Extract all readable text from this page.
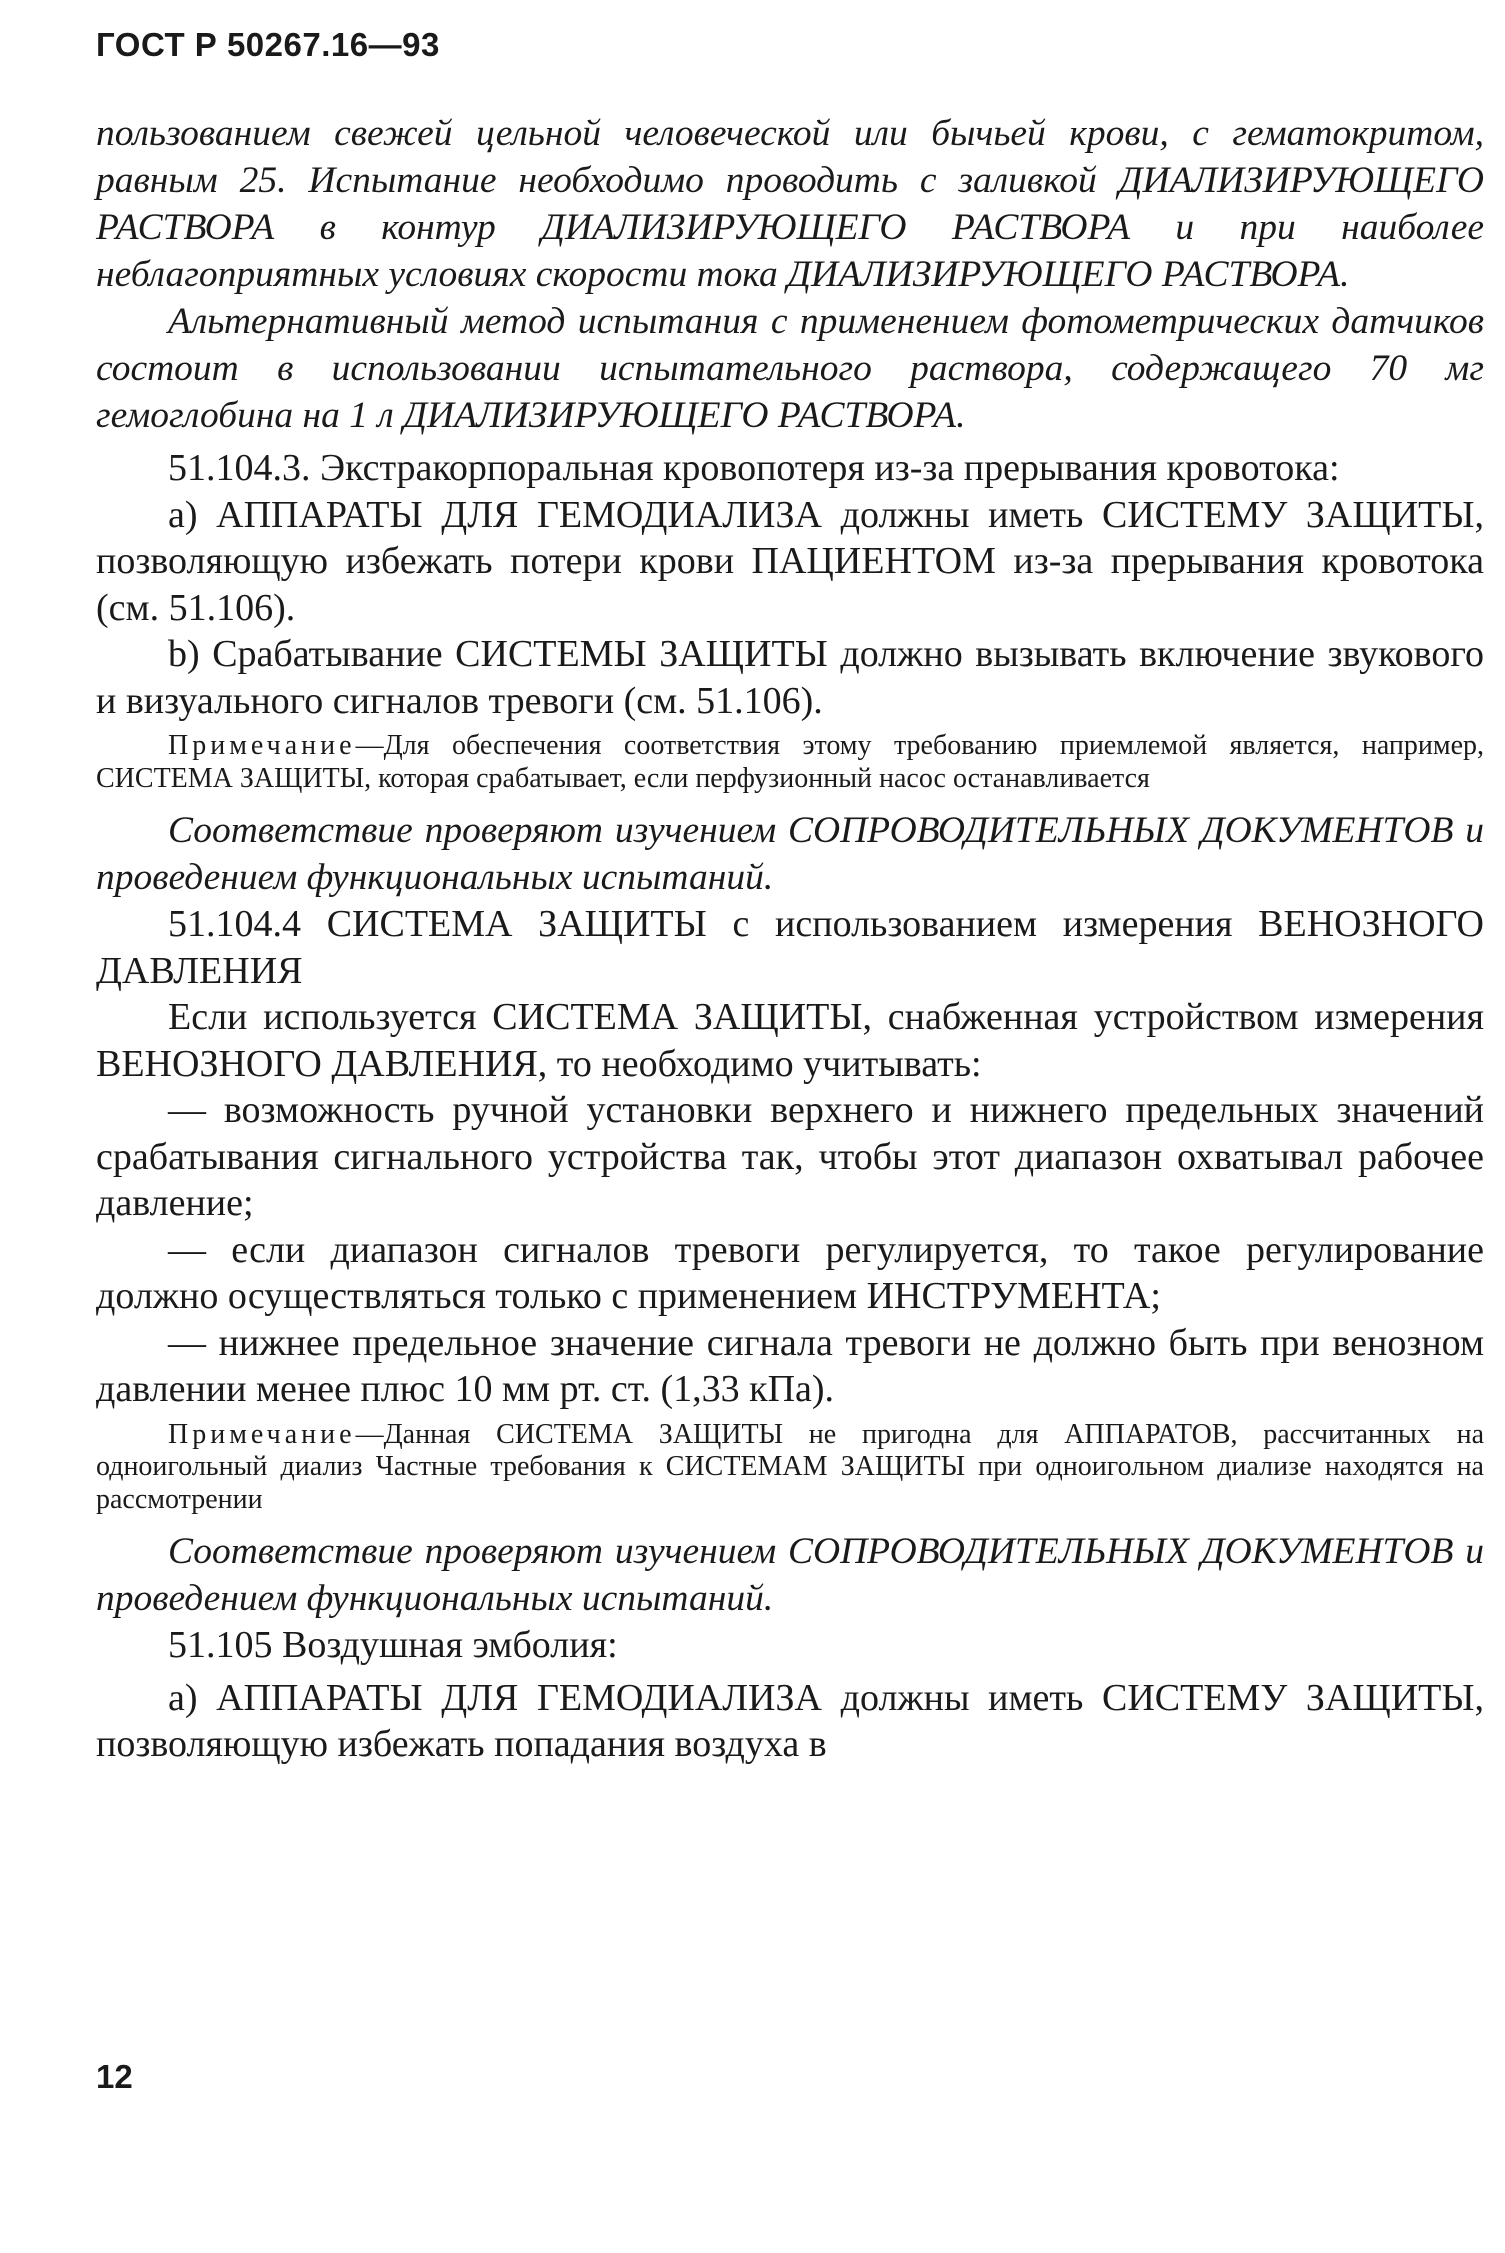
ГОСТ Р 50267.16—93

пользованием свежей цельной человеческой или бычьей крови, с гематокритом, равным 25. Испытание необходимо проводить с заливкой ДИАЛИЗИРУЮЩЕГО РАСТВОРА в контур ДИАЛИЗИРУЮЩЕГО РАСТВОРА и при наиболее неблагоприятных условиях скорости тока ДИАЛИЗИРУЮЩЕГО РАСТВОРА.

Альтернативный метод испытания с применением фотометрических датчиков состоит в использовании испытательного раствора, содержащего 70 мг гемоглобина на 1 л ДИАЛИЗИРУЮЩЕГО РАСТВОРА.

51.104.3. Экстракорпоральная кровопотеря из-за прерывания кровотока:

а) АППАРАТЫ ДЛЯ ГЕМОДИАЛИЗА должны иметь СИСТЕМУ ЗАЩИТЫ, позволяющую избежать потери крови ПАЦИЕНТОМ из-за прерывания кровотока (см. 51.106).

b) Срабатывание СИСТЕМЫ ЗАЩИТЫ должно вызывать включение звукового и визуального сигналов тревоги (см. 51.106).

Примечание—Для обеспечения соответствия этому требованию приемлемой является, например, СИСТЕМА ЗАЩИТЫ, которая срабатывает, если перфузионный насос останавливается

Соответствие проверяют изучением СОПРОВОДИТЕЛЬНЫХ ДОКУМЕНТОВ и проведением функциональных испытаний.

51.104.4 СИСТЕМА ЗАЩИТЫ с использованием измерения ВЕНОЗНОГО ДАВЛЕНИЯ

Если используется СИСТЕМА ЗАЩИТЫ, снабженная устройством измерения ВЕНОЗНОГО ДАВЛЕНИЯ, то необходимо учитывать:

— возможность ручной установки верхнего и нижнего предельных значений срабатывания сигнального устройства так, чтобы этот диапазон охватывал рабочее давление;

— если диапазон сигналов тревоги регулируется, то такое регулирование должно осуществляться только с применением ИНСТРУМЕНТА;

— нижнее предельное значение сигнала тревоги не должно быть при венозном давлении менее плюс 10 мм рт. ст. (1,33 кПа).

Примечание—Данная СИСТЕМА ЗАЩИТЫ не пригодна для АППАРАТОВ, рассчитанных на одноигольный диализ Частные требования к СИСТЕМАМ ЗАЩИТЫ при одноигольном диализе находятся на рассмотрении

Соответствие проверяют изучением СОПРОВОДИТЕЛЬНЫХ ДОКУМЕНТОВ и проведением функциональных испытаний.

51.105 Воздушная эмболия:

а) АППАРАТЫ ДЛЯ ГЕМОДИАЛИЗА должны иметь СИСТЕМУ ЗАЩИТЫ, позволяющую избежать попадания воздуха в

12
